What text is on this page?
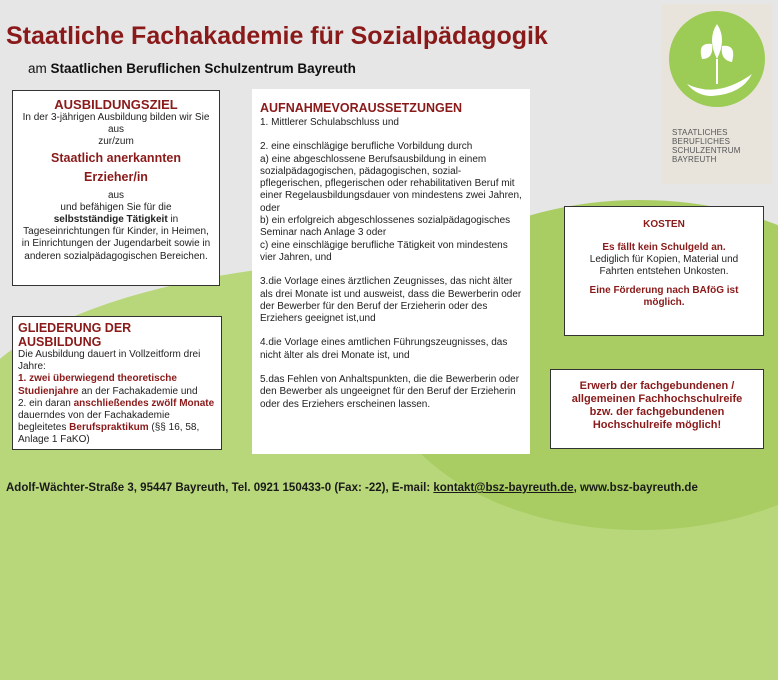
Staatliche Fachakademie für Sozialpädagogik
am Staatlichen Beruflichen Schulzentrum Bayreuth
STAATLICHES
BERUFLICHES SCHULZENTRUM
BAYREUTH
AUSBILDUNGSZIEL
In der 3-jährigen Ausbildung bilden wir Sie aus
zur/zum
Staatlich anerkannten
Erzieher/in
aus
und befähigen Sie für die
selbstständige Tätigkeit in Tageseinrichtungen für Kinder, in Heimen, in Einrichtungen der Jugendarbeit sowie in anderen sozialpädagogischen Bereichen.
GLIEDERUNG DER AUSBILDUNG
Die Ausbildung dauert in Vollzeitform drei Jahre:
1. zwei überwiegend theoretische Studienjahre an der Fachakademie und
2. ein daran anschließendes zwölf Monate dauerndes von der Fachakademie begleitetes Berufspraktikum (§§ 16, 58, Anlage 1 FaKO)
AUFNAHMEVORAUSSETZUNGEN
1. Mittlerer Schulabschluss und
2. eine einschlägige berufliche Vorbildung durch
a) eine abgeschlossene Berufsausbildung in einem sozialpädagogischen, pädagogischen, sozial-pflegerischen, pflegerischen oder rehabilitativen Beruf mit einer Regelausbildungsdauer von mindestens zwei Jahren, oder
b) ein erfolgreich abgeschlossenes sozialpädagogisches Seminar nach Anlage 3 oder
c) eine einschlägige berufliche Tätigkeit von mindestens vier Jahren, und
3.die Vorlage eines ärztlichen Zeugnisses, das nicht älter als drei Monate ist und ausweist, dass die Bewerberin oder der Bewerber für den Beruf der Erzieherin oder des Erziehers geeignet ist,und
4.die Vorlage eines amtlichen Führungszeugnisses, das nicht älter als drei Monate ist, und
5.das Fehlen von Anhaltspunkten, die die Bewerberin oder den Bewerber als ungeeignet für den Beruf der Erzieherin oder des Erziehers erscheinen lassen.
KOSTEN
Es fällt kein Schulgeld an.
Lediglich für Kopien, Material und Fahrten entstehen Unkosten.
Eine Förderung nach BAföG ist möglich.
Erwerb der fachgebundenen / allgemeinen Fachhochschulreife bzw. der fachgebundenen Hochschulreife möglich!
Adolf-Wächter-Straße 3, 95447 Bayreuth, Tel. 0921 150433-0 (Fax: -22), E-mail: kontakt@bsz-bayreuth.de, www.bsz-bayreuth.de
